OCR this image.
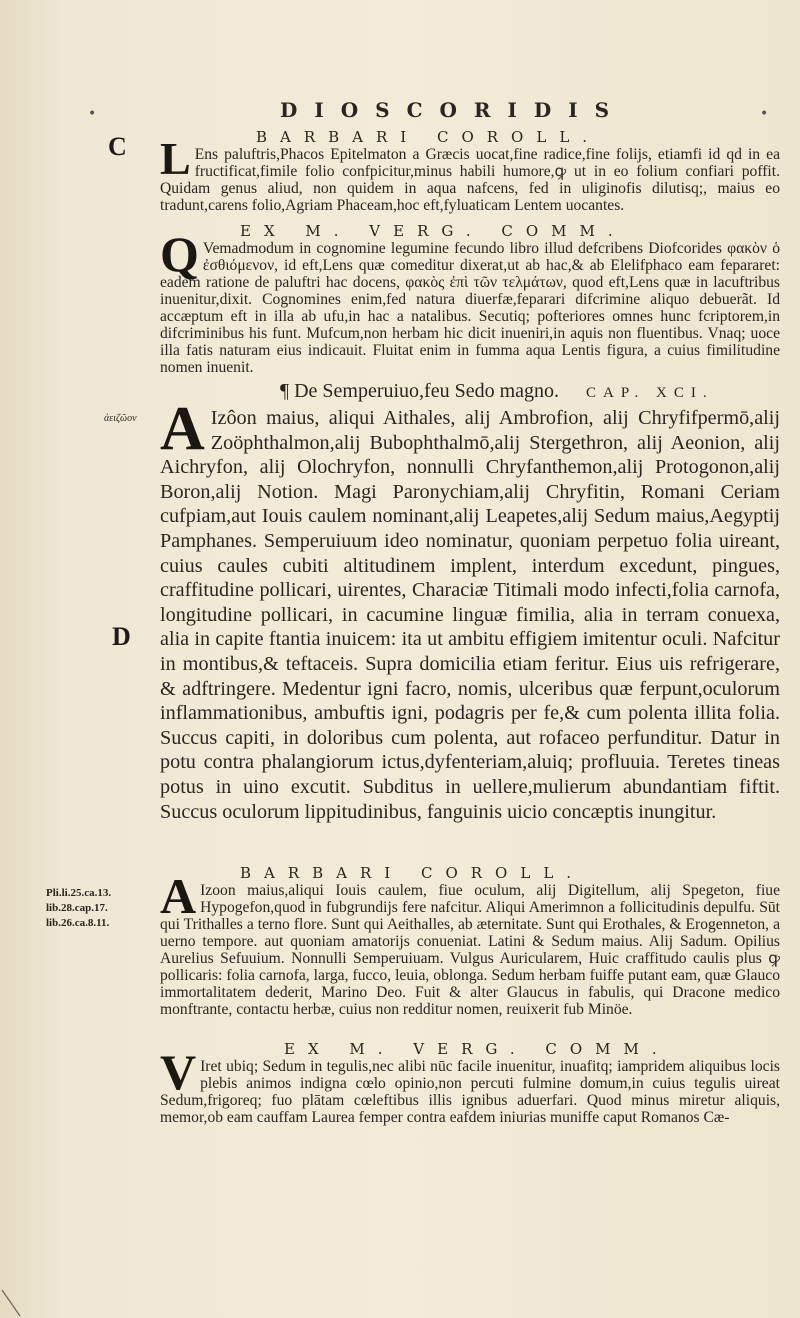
DIOSCORIDIS
•	•
C
ἀειζῶον
D
Pli.li.25.ca.13.
lib.28.cap.17.
lib.26.ca.8.11.
BARBARI COROLL.
L Ens paluftris,Phacos Epitelmaton a Græcis uocat,fine radice,fine folijs, etiamfi id qd in ea fructificat,fimile folio confpicitur,minus habili humore,ꝙ ut in eo folium confiari poffit. Quidam genus aliud, non quidem in aqua nafcens, fed in uliginofis dilutisq;, maius eo tradunt,carens folio,Agriam Phaceam,hoc eft,fyluaticam Lentem uocantes.
EX M. VERG. COMM.
Q Vemadmodum in cognomine legumine fecundo libro illud defcribens Diofcorides φακὸν ὁ ἐσθιόμενον, id eft,Lens quæ comeditur dixerat,ut ab hac,& ab Elelifphaco eam fepararet: eadem ratione de paluftri hac docens, φακὸς ἐπὶ τῶν τελμάτων, quod eft,Lens quæ in lacuftribus inuenitur,dixit. Cognomines enim,fed natura diuerfæ,feparari difcrimine aliquo debuerãt. Id accæptum eft in illa ab ufu,in hac a natalibus. Secutiq; pofteriores omnes hunc fcriptorem,in difcriminibus his funt. Mufcum,non herbam hic dicit inueniri,in aquis non fluentibus. Vnaq; uoce illa fatis naturam eius indicauit. Fluitat enim in fumma aqua Lentis figura, a cuius fimilitudine nomen inuenit.
¶ De Semperuiuo,feu Sedo magno. CAP. XCI.
A Izôon maius, aliqui Aithales, alij Ambrofion, alij Chryfifpermō,alij Zoöphthalmon,alij Bubophthalmō,alij Stergethron, alij Aeonion, alij Aichryfon, alij Olochryfon, nonnulli Chryfanthemon,alij Protogonon,alij Boron,alij Notion. Magi Paronychiam,alij Chryfitin, Romani Ceriam cufpiam,aut Iouis caulem nominant,alij Leapetes,alij Sedum maius,Aegyptij Pamphanes. Semperuiuum ideo nominatur, quoniam perpetuo folia uireant, cuius caules cubiti altitudinem implent, interdum excedunt, pingues, craffitudine pollicari, uirentes, Characiæ Titimali modo infecti,folia carnofa, longitudine pollicari, in cacumine linguæ fimilia, alia in terram conuexa, alia in capite ftantia inuicem: ita ut ambitu effigiem imitentur oculi. Nafcitur in montibus,& teftaceis. Supra domicilia etiam feritur. Eius uis refrigerare, & adftringere. Medentur igni facro, nomis, ulceribus quæ ferpunt,oculorum inflammationibus, ambuftis igni, podagris per fe,& cum polenta illita folia. Succus capiti, in doloribus cum polenta, aut rofaceo perfunditur. Datur in potu contra phalangiorum ictus,dyfenteriam,aluiq; profluuia. Teretes tineas potus in uino excutit. Subditus in uellere,mulierum abundantiam fiftit. Succus oculorum lippitudinibus, fanguinis uicio concæptis inungitur.
BARBARI COROLL.
A Izoon maius,aliqui Iouis caulem, fiue oculum, alij Digitellum, alij Spegeton, fiue Hypogefon,quod in fubgrundijs fere nafcitur. Aliqui Amerimnon a follicitudinis depulfu. Sūt qui Trithalles a terno flore. Sunt qui Aeithalles, ab æternitate. Sunt qui Erothales, & Erogenneton, a uerno tempore. aut quoniam amatorijs conueniat. Latini & Sedum maius. Alij Sadum. Opilius Aurelius Sefuuium. Nonnulli Semperuiuam. Vulgus Auricularem, Huic craffitudo caulis plus ꝙ pollicaris: folia carnofa, larga, fucco, leuia, oblonga. Sedum herbam fuiffe putant eam, quæ Glauco immortalitatem dederit, Marino Deo. Fuit & alter Glaucus in fabulis, qui Dracone medico monftrante, contactu herbæ, cuius non redditur nomen, reuixerit fub Minöe.
EX M. VERG. COMM.
V Iret ubiq; Sedum in tegulis,nec alibi nūc facile inuenitur, inuafitq; iampridem aliquibus locis plebis animos indigna cœlo opinio,non percuti fulmine domum,in cuius tegulis uireat Sedum,frigoreq; fuo plātam cœleftibus illis ignibus aduerfari. Quod minus miretur aliquis, memor,ob eam cauffam Laurea femper contra eafdem iniurias muniffe caput Romanos Cæ-
